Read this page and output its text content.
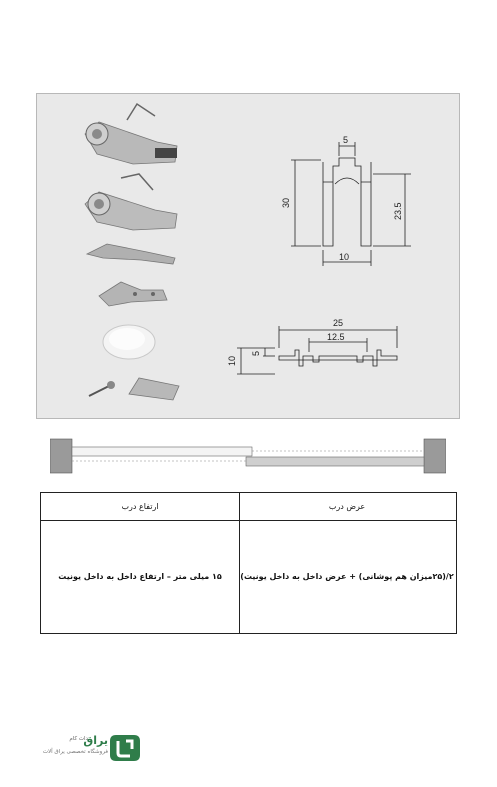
5
30	23.5
10
25
12.5
10
5
عرض درب
ارتفاع درب
۲/(۲۵میزان هم پوشانی) + عرض داخل به داخل یونیت)
۱۵ میلی متر – ارتفاع داخل به داخل یونیت
دات کام
یراق
فروشگاه تخصصی یراق آلات
